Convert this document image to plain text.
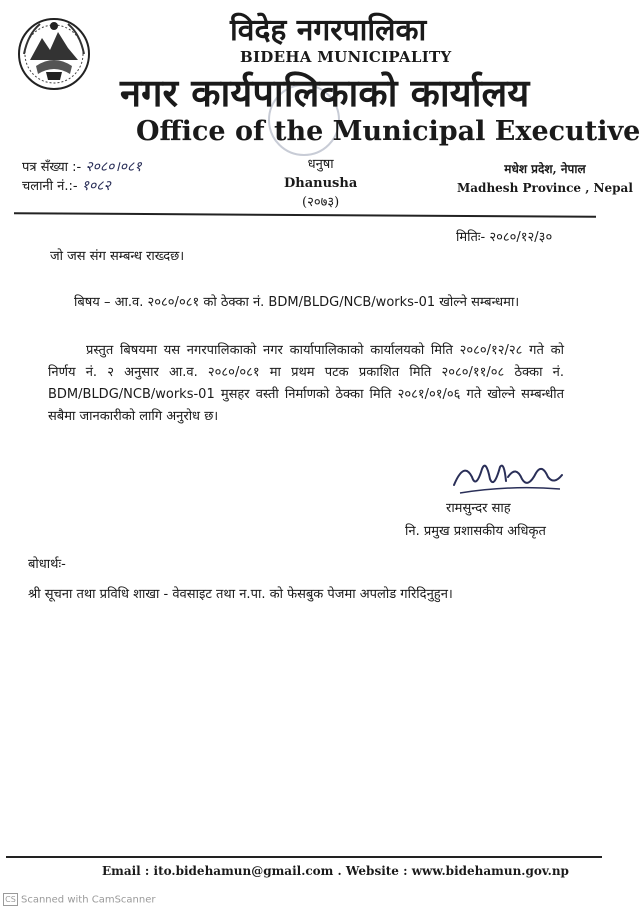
विदेह नगरपालिका
BIDEHA MUNICIPALITY
नगर कार्यपालिकाको कार्यालय
Office of the Municipal Executive
पत्र सँख्या :- २०८०।०८१
चलानी नं.:- १०८२
धनुषा
Dhanusha
(२०७३)
मधेश प्रदेश, नेपाल
Madhesh Province , Nepal
मितिः- २०८०/१२/३०
जो जस संग सम्बन्ध राख्दछ।
बिषय – आ.व. २०८०/०८१ को ठेक्का नं. BDM/BLDG/NCB/works-01 खोल्ने सम्बन्धमा।
प्रस्तुत बिषयमा यस नगरपालिकाको नगर कार्यापालिकाको कार्यालयको मिति २०८०/१२/२८ गते को निर्णय नं. २ अनुसार आ.व. २०८०/०८१ मा प्रथम पटक प्रकाशित मिति २०८०/११/०८ ठेक्का नं. BDM/BLDG/NCB/works-01 मुसहर वस्ती निर्माणको ठेक्का मिति २०८१/०१/०६ गते खोल्ने सम्बन्धीत सबैमा जानकारीको लागि अनुरोध छ।
रामसुन्दर साह
नि. प्रमुख प्रशासकीय अधिकृत
बोधार्थः-
श्री सूचना तथा प्रविधि शाखा - वेवसाइट तथा न.पा. को फेसबुक पेजमा अपलोड गरिदिनुहुन।
Email : ito.bidehamun@gmail.com . Website : www.bidehamun.gov.np
CS Scanned with CamScanner
